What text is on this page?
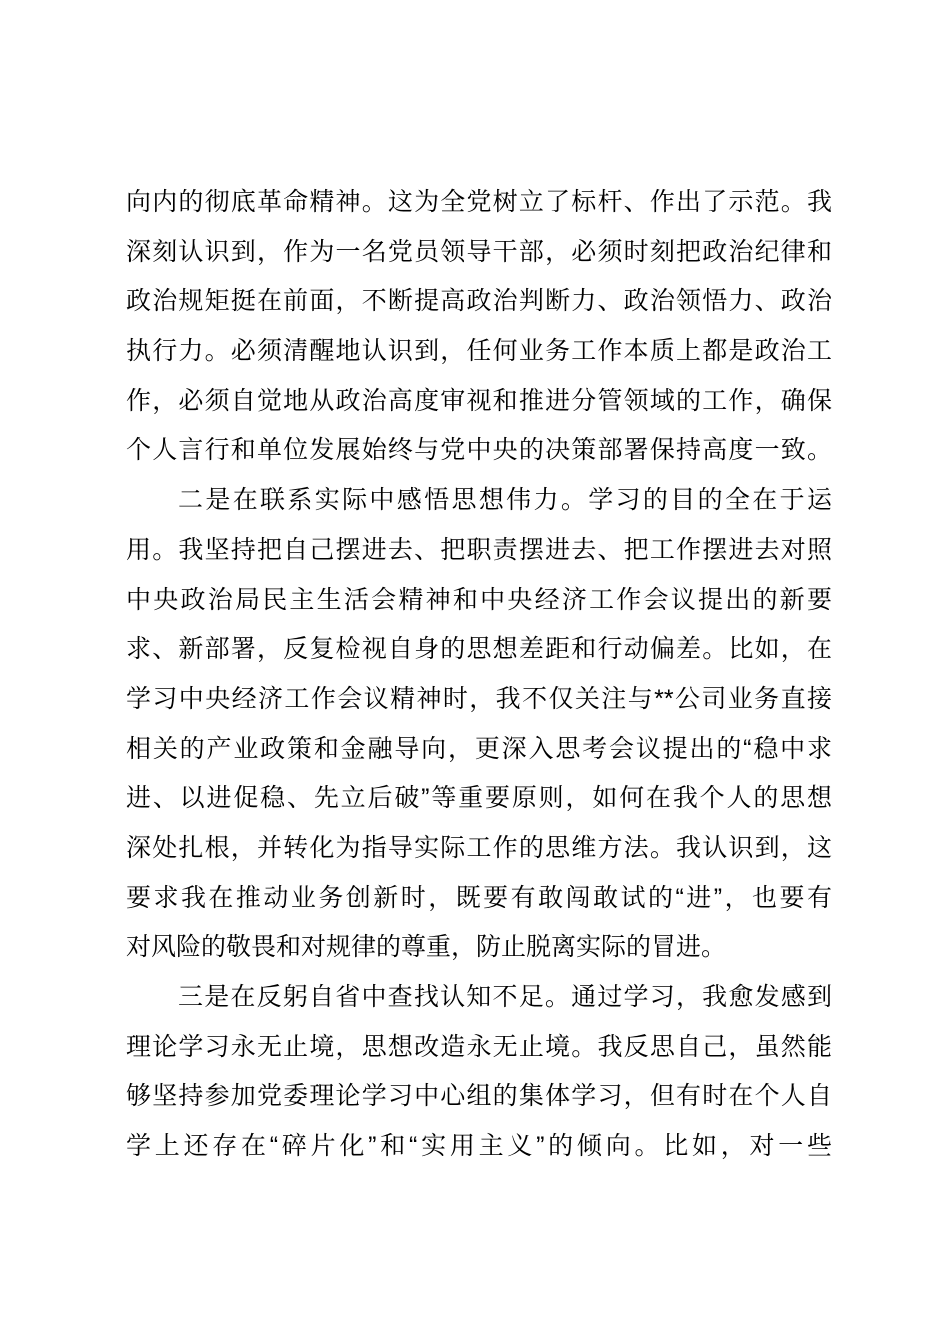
向内的彻底革命精神。这为全党树立了标杆、作出了示范。我
深刻认识到，作为一名党员领导干部，必须时刻把政治纪律和
政治规矩挺在前面，不断提高政治判断力、政治领悟力、政治
执行力。必须清醒地认识到，任何业务工作本质上都是政治工
作，必须自觉地从政治高度审视和推进分管领域的工作，确保
个人言行和单位发展始终与党中央的决策部署保持高度一致。
二是在联系实际中感悟思想伟力。学习的目的全在于运
用。我坚持把自己摆进去、把职责摆进去、把工作摆进去对照
中央政治局民主生活会精神和中央经济工作会议提出的新要
求、新部署，反复检视自身的思想差距和行动偏差。比如，在
学习中央经济工作会议精神时，我不仅关注与**公司业务直接
相关的产业政策和金融导向，更深入思考会议提出的“稳中求
进、以进促稳、先立后破”等重要原则，如何在我个人的思想
深处扎根，并转化为指导实际工作的思维方法。我认识到，这
要求我在推动业务创新时，既要有敢闯敢试的“进”，也要有
对风险的敬畏和对规律的尊重，防止脱离实际的冒进。
三是在反躬自省中查找认知不足。通过学习，我愈发感到
理论学习永无止境，思想改造永无止境。我反思自己，虽然能
够坚持参加党委理论学习中心组的集体学习，但有时在个人自
学上还存在“碎片化”和“实用主义”的倾向。比如，对一些
